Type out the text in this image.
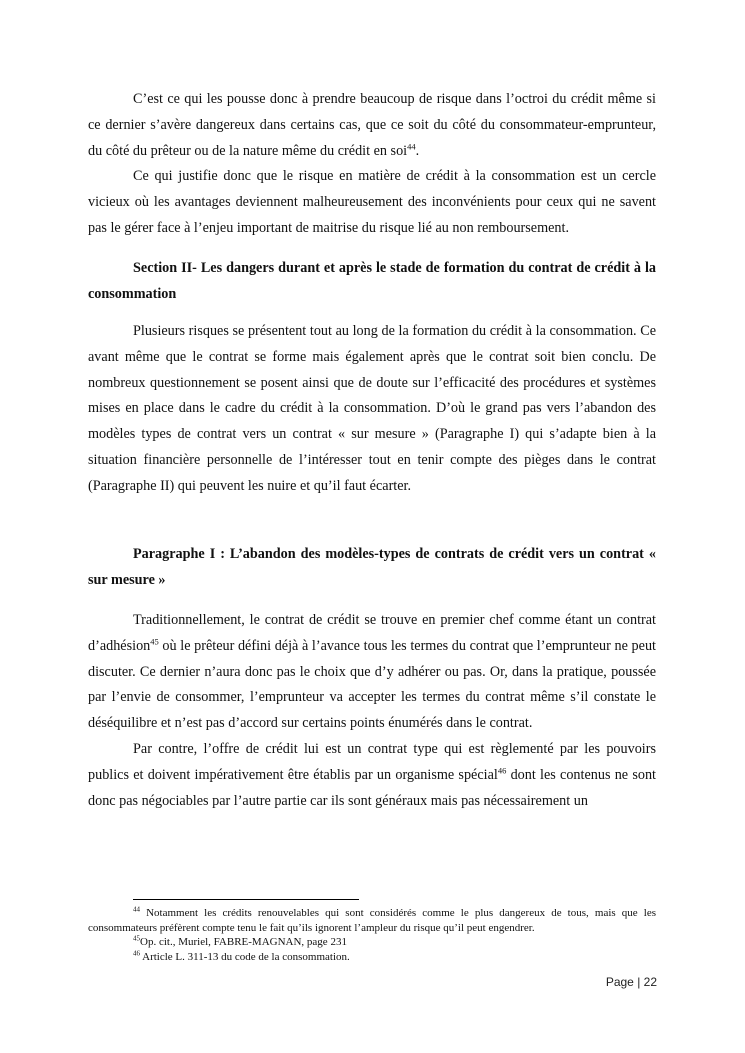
C’est ce qui les pousse donc à prendre beaucoup de risque dans l’octroi du crédit même si ce dernier s’avère dangereux dans certains cas, que ce soit du côté du consommateur-emprunteur, du côté du prêteur ou de la nature même du crédit en soi$^{44}$.

Ce qui justifie donc que le risque en matière de crédit à la consommation est un cercle vicieux où les avantages deviennent malheureusement des inconvénients pour ceux qui ne savent pas le gérer face à l’enjeu important de maitrise du risque lié au non remboursement.

Section II- Les dangers durant et après le stade de formation du contrat de crédit à la consommation

Plusieurs risques se présentent tout au long de la formation du crédit à la consommation. Ce avant même que le contrat se forme mais également après que le contrat soit bien conclu. De nombreux questionnement se posent ainsi que de doute sur l’efficacité des procédures et systèmes mises en place dans le cadre du crédit à la consommation. D’où le grand pas vers l’abandon des modèles types de contrat vers un contrat « sur mesure » (Paragraphe I) qui s’adapte bien à la situation financière personnelle de l’intéresser tout en tenir compte des pièges dans le contrat (Paragraphe II) qui peuvent les nuire et qu’il faut écarter.

Paragraphe I : L’abandon des modèles-types de contrats de crédit vers un contrat « sur mesure »

Traditionnellement, le contrat de crédit se trouve en premier chef comme étant un contrat d’adhésion$^{45}$ où le prêteur défini déjà à l’avance tous les termes du contrat que l’emprunteur ne peut discuter. Ce dernier n’aura donc pas le choix que d’y adhérer ou pas. Or, dans la pratique, poussée par l’envie de consommer, l’emprunteur va accepter les termes du contrat même s’il constate le déséquilibre et n’est pas d’accord sur certains points énumérés dans le contrat.

Par contre, l’offre de crédit lui est un contrat type qui est règlementé par les pouvoirs publics et doivent impérativement être établis par un organisme spécial$^{46}$ dont les contenus ne sont donc pas négociables par l’autre partie car ils sont généraux mais pas nécessairement un

$^{44}$ Notamment les crédits renouvelables qui sont considérés comme le plus dangereux de tous, mais que les consommateurs préfèrent compte tenu le fait qu’ils ignorent l’ampleur du risque qu’il peut engendrer.

$^{45}$Op. cit., Muriel, FABRE-MAGNAN, page 231

$^{46}$ Article L. 311-13 du code de la consommation.

Page | 22
